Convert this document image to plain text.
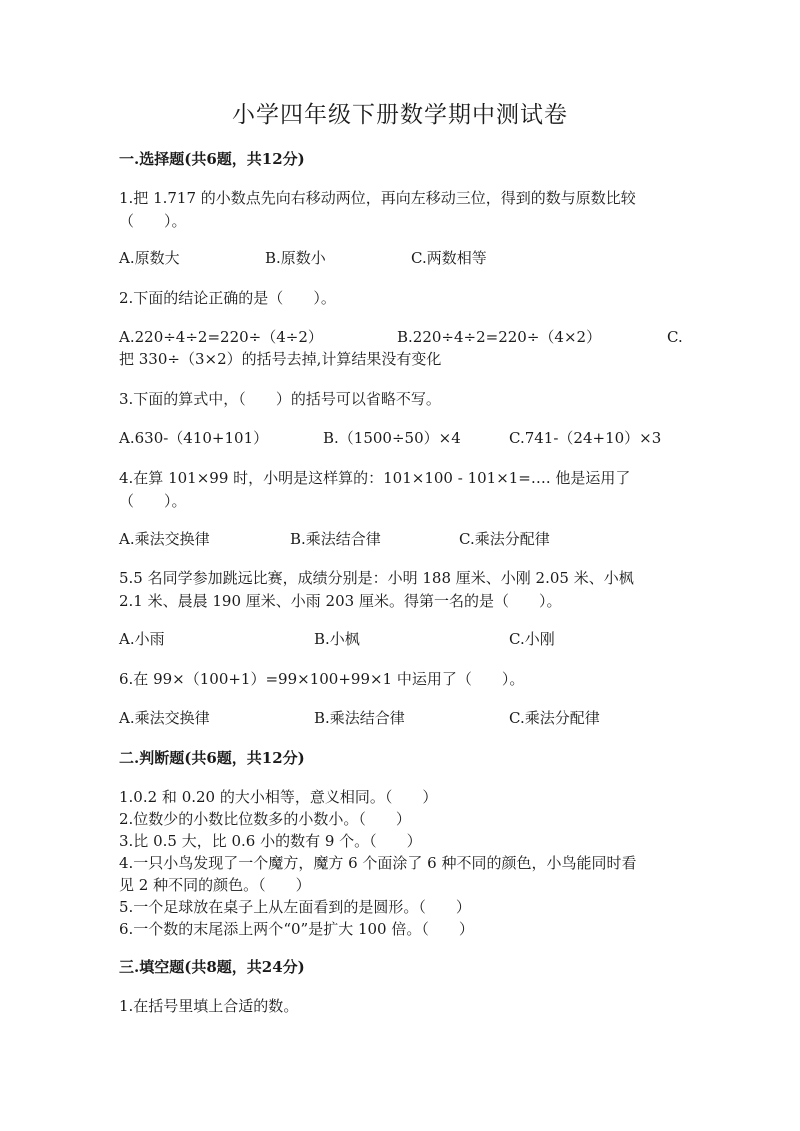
小学四年级下册数学期中测试卷
一.选择题(共6题，共12分)
1.把 1.717 的小数点先向右移动两位，再向左移动三位，得到的数与原数比较
（　　）。
A.原数大	B.原数小	C.两数相等
2.下面的结论正确的是（　　）。
A.220÷4÷2=220÷（4÷2）	B.220÷4÷2=220÷（4×2）	C.
把 330÷（3×2）的括号去掉,计算结果没有变化
3.下面的算式中，（　　）的括号可以省略不写。
A.630-（410+101）	B.（1500÷50）×4	C.741-（24+10）×3
4.在算 101×99 时，小明是这样算的：101×100 - 101×1=…. 他是运用了
（　　）。
A.乘法交换律	B.乘法结合律	C.乘法分配律
5.5 名同学参加跳远比赛，成绩分别是：小明 188 厘米、小刚 2.05 米、小枫
2.1 米、晨晨 190 厘米、小雨 203 厘米。得第一名的是（　　）。
A.小雨	B.小枫	C.小刚
6.在 99×（100+1）=99×100+99×1 中运用了（　　）。
A.乘法交换律	B.乘法结合律	C.乘法分配律
二.判断题(共6题，共12分)
1.0.2 和 0.20 的大小相等，意义相同。（　　）
2.位数少的小数比位数多的小数小。（　　）
3.比 0.5 大，比 0.6 小的数有 9 个。（　　）
4.一只小鸟发现了一个魔方，魔方 6 个面涂了 6 种不同的颜色，小鸟能同时看
见 2 种不同的颜色。（　　）
5.一个足球放在桌子上从左面看到的是圆形。（　　）
6.一个数的末尾添上两个“0”是扩大 100 倍。（　　）
三.填空题(共8题，共24分)
1.在括号里填上合适的数。
